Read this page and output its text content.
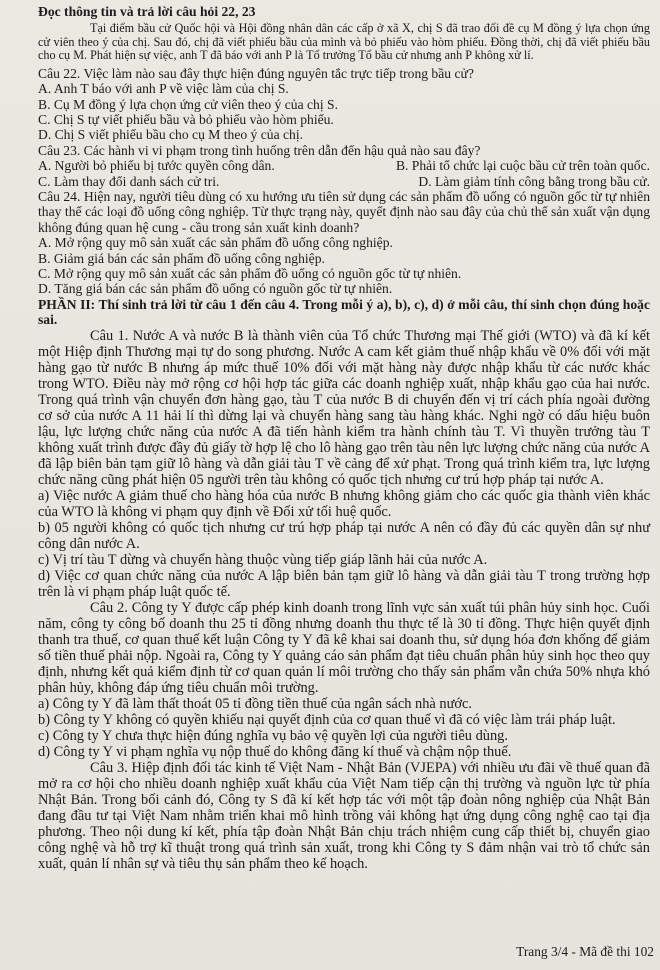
Đọc thông tin và trả lời câu hỏi 22, 23

Tại điểm bầu cử Quốc hội và Hội đồng nhân dân các cấp ở xã X, chị S đã trao đổi đề cụ M đồng ý lựa chọn ứng cử viên theo ý của chị. Sau đó, chị đã viết phiếu bầu của mình và bỏ phiếu vào hòm phiếu. Đồng thời, chị đã viết phiếu bầu cho cụ M. Phát hiện sự việc, anh T đã báo với anh P là Tổ trưởng Tổ bầu cử nhưng anh P không xử lí.

Câu 22. Việc làm nào sau đây thực hiện đúng nguyên tắc trực tiếp trong bầu cử?

A. Anh T báo với anh P về việc làm của chị S.

B. Cụ M đồng ý lựa chọn ứng cử viên theo ý của chị S.

C. Chị S tự viết phiếu bầu và bỏ phiếu vào hòm phiếu.

D. Chị S viết phiếu bầu cho cụ M theo ý của chị.

Câu 23. Các hành vi vi phạm trong tình huống trên dẫn đến hậu quả nào sau đây?

A. Người bỏ phiếu bị tước quyền công dân.	B. Phải tổ chức lại cuộc bầu cử trên toàn quốc.

C. Làm thay đổi danh sách cử tri.	D. Làm giảm tính công bằng trong bầu cử.

Câu 24. Hiện nay, người tiêu dùng có xu hướng ưu tiên sử dụng các sản phẩm đồ uống có nguồn gốc từ tự nhiên thay thế các loại đồ uống công nghiệp. Từ thực trạng này, quyết định nào sau đây của chủ thể sản xuất vận dụng không đúng quan hệ cung - cầu trong sản xuất kinh doanh?

A. Mở rộng quy mô sản xuất các sản phẩm đồ uống công nghiệp.

B. Giảm giá bán các sản phẩm đồ uống công nghiệp.

C. Mở rộng quy mô sản xuất các sản phẩm đồ uống có nguồn gốc từ tự nhiên.

D. Tăng giá bán các sản phẩm đồ uống có nguồn gốc từ tự nhiên.

PHẦN II: Thí sinh trả lời từ câu 1 đến câu 4. Trong mỗi ý a), b), c), d) ở mỗi câu, thí sinh chọn đúng hoặc sai.

Câu 1. Nước A và nước B là thành viên của Tổ chức Thương mại Thế giới (WTO) và đã kí kết một Hiệp định Thương mại tự do song phương. Nước A cam kết giảm thuế nhập khẩu về 0% đối với mặt hàng gạo từ nước B nhưng áp mức thuế 10% đối với mặt hàng này được nhập khẩu từ các nước khác trong WTO. Điều này mở rộng cơ hội hợp tác giữa các doanh nghiệp xuất, nhập khẩu gạo của hai nước. Trong quá trình vận chuyển đơn hàng gạo, tàu T của nước B di chuyển đến vị trí cách phía ngoài đường cơ sở của nước A 11 hải lí thì dừng lại và chuyển hàng sang tàu hàng khác. Nghi ngờ có dấu hiệu buôn lậu, lực lượng chức năng của nước A đã tiến hành kiểm tra hành chính tàu T. Vì thuyền trưởng tàu T không xuất trình được đầy đủ giấy tờ hợp lệ cho lô hàng gạo trên tàu nên lực lượng chức năng của nước A đã lập biên bản tạm giữ lô hàng và dẫn giải tàu T về cảng để xử phạt. Trong quá trình kiểm tra, lực lượng chức năng cũng phát hiện 05 người trên tàu không có quốc tịch nhưng cư trú hợp pháp tại nước A.

a) Việc nước A giảm thuế cho hàng hóa của nước B nhưng không giảm cho các quốc gia thành viên khác của WTO là không vi phạm quy định về Đối xử tối huệ quốc.

b) 05 người không có quốc tịch nhưng cư trú hợp pháp tại nước A nên có đầy đủ các quyền dân sự như công dân nước A.

c) Vị trí tàu T dừng và chuyển hàng thuộc vùng tiếp giáp lãnh hải của nước A.

d) Việc cơ quan chức năng của nước A lập biên bản tạm giữ lô hàng và dẫn giải tàu T trong trường hợp trên là vi phạm pháp luật quốc tế.

Câu 2. Công ty Y được cấp phép kinh doanh trong lĩnh vực sản xuất túi phân hủy sinh học. Cuối năm, công ty công bố doanh thu 25 tỉ đồng nhưng doanh thu thực tế là 30 tỉ đồng. Thực hiện quyết định thanh tra thuế, cơ quan thuế kết luận Công ty Y đã kê khai sai doanh thu, sử dụng hóa đơn khống để giảm số tiền thuế phải nộp. Ngoài ra, Công ty Y quảng cáo sản phẩm đạt tiêu chuẩn phân hủy sinh học theo quy định, nhưng kết quả kiểm định từ cơ quan quản lí môi trường cho thấy sản phẩm vẫn chứa 50% nhựa khó phân hủy, không đáp ứng tiêu chuẩn môi trường.

a) Công ty Y đã làm thất thoát 05 tỉ đồng tiền thuế của ngân sách nhà nước.

b) Công ty Y không có quyền khiếu nại quyết định của cơ quan thuế vì đã có việc làm trái pháp luật.

c) Công ty Y chưa thực hiện đúng nghĩa vụ bảo vệ quyền lợi của người tiêu dùng.

d) Công ty Y vi phạm nghĩa vụ nộp thuế do không đăng kí thuế và chậm nộp thuế.

Câu 3. Hiệp định đối tác kinh tế Việt Nam - Nhật Bản (VJEPA) với nhiều ưu đãi về thuế quan đã mở ra cơ hội cho nhiều doanh nghiệp xuất khẩu của Việt Nam tiếp cận thị trường và nguồn lực từ phía Nhật Bản. Trong bối cảnh đó, Công ty S đã kí kết hợp tác với một tập đoàn nông nghiệp của Nhật Bản đang đầu tư tại Việt Nam nhằm triển khai mô hình trồng vải không hạt ứng dụng công nghệ cao tại địa phương. Theo nội dung kí kết, phía tập đoàn Nhật Bản chịu trách nhiệm cung cấp thiết bị, chuyển giao công nghệ và hỗ trợ kĩ thuật trong quá trình sản xuất, trong khi Công ty S đảm nhận vai trò tổ chức sản xuất, quản lí nhân sự và tiêu thụ sản phẩm theo kế hoạch.

Trang 3/4 - Mã đề thi 102
